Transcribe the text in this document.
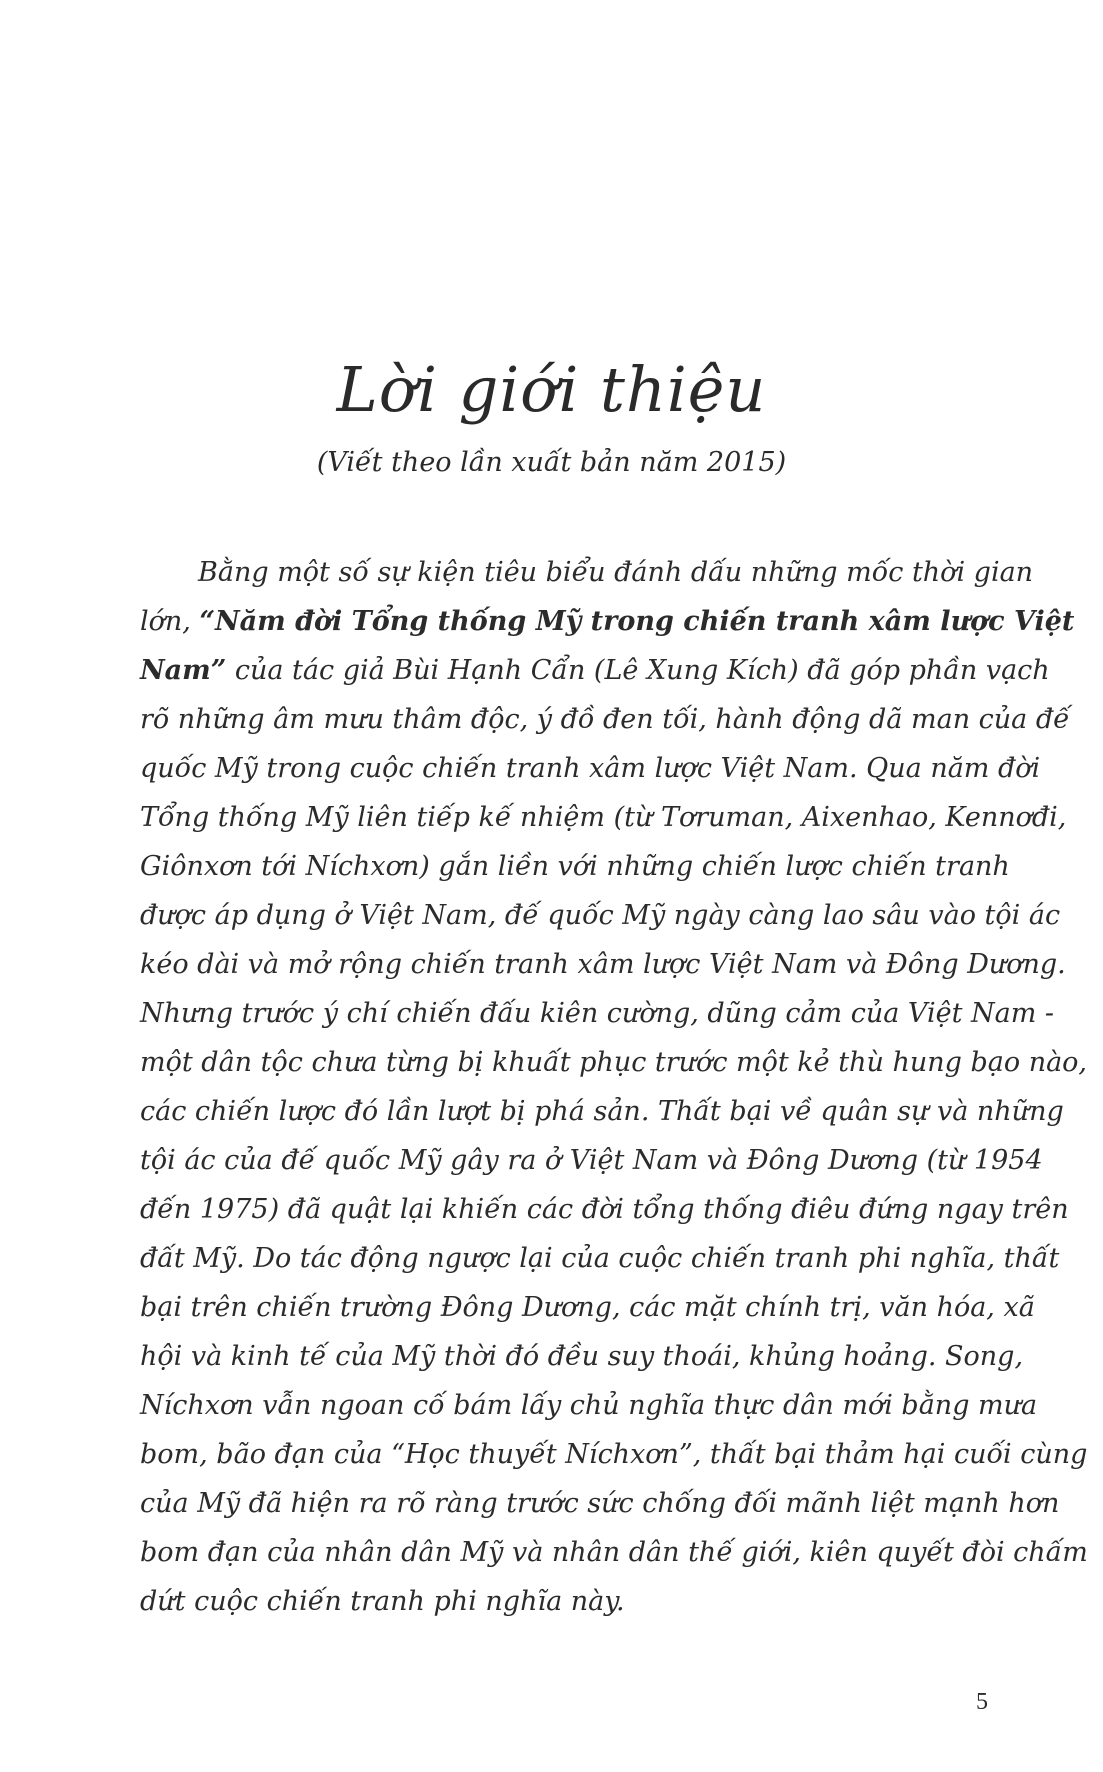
Lời giới thiệu

(Viết theo lần xuất bản năm 2015)

Bằng một số sự kiện tiêu biểu đánh dấu những mốc thời gian
lớn, “Năm đời Tổng thống Mỹ trong chiến tranh xâm lược Việt
Nam” của tác giả Bùi Hạnh Cẩn (Lê Xung Kích) đã góp phần vạch
rõ những âm mưu thâm độc, ý đồ đen tối, hành động dã man của đế
quốc Mỹ trong cuộc chiến tranh xâm lược Việt Nam. Qua năm đời
Tổng thống Mỹ liên tiếp kế nhiệm (từ Tơruman, Aixenhao, Kennơđi,
Giônxơn tới Níchxơn) gắn liền với những chiến lược chiến tranh
được áp dụng ở Việt Nam, đế quốc Mỹ ngày càng lao sâu vào tội ác
kéo dài và mở rộng chiến tranh xâm lược Việt Nam và Đông Dương.
Nhưng trước ý chí chiến đấu kiên cường, dũng cảm của Việt Nam -
một dân tộc chưa từng bị khuất phục trước một kẻ thù hung bạo nào,
các chiến lược đó lần lượt bị phá sản. Thất bại về quân sự và những
tội ác của đế quốc Mỹ gây ra ở Việt Nam và Đông Dương (từ 1954
đến 1975) đã quật lại khiến các đời tổng thống điêu đứng ngay trên
đất Mỹ. Do tác động ngược lại của cuộc chiến tranh phi nghĩa, thất
bại trên chiến trường Đông Dương, các mặt chính trị, văn hóa, xã
hội và kinh tế của Mỹ thời đó đều suy thoái, khủng hoảng. Song,
Níchxơn vẫn ngoan cố bám lấy chủ nghĩa thực dân mới bằng mưa
bom, bão đạn của “Học thuyết Níchxơn”, thất bại thảm hại cuối cùng
của Mỹ đã hiện ra rõ ràng trước sức chống đối mãnh liệt mạnh hơn
bom đạn của nhân dân Mỹ và nhân dân thế giới, kiên quyết đòi chấm
dứt cuộc chiến tranh phi nghĩa này.
5
